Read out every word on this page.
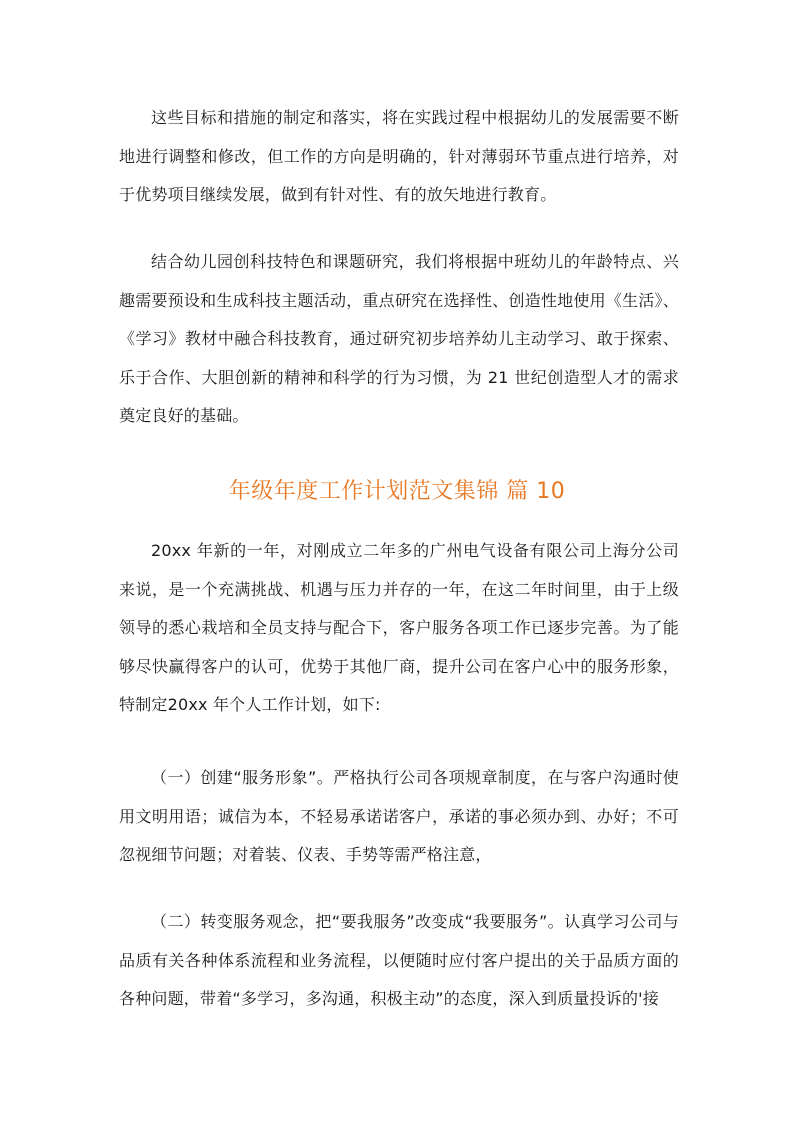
这些目标和措施的制定和落实，将在实践过程中根据幼儿的发展需要不断地进行调整和修改，但工作的方向是明确的，针对薄弱环节重点进行培养，对于优势项目继续发展，做到有针对性、有的放矢地进行教育。

结合幼儿园创科技特色和课题研究，我们将根据中班幼儿的年龄特点、兴趣需要预设和生成科技主题活动，重点研究在选择性、创造性地使用《生活》、《学习》教材中融合科技教育，通过研究初步培养幼儿主动学习、敢于探索、乐于合作、大胆创新的精神和科学的行为习惯，为 21 世纪创造型人才的需求奠定良好的基础。

年级年度工作计划范文集锦 篇 10

20xx 年新的一年，对刚成立二年多的广州电气设备有限公司上海分公司来说，是一个充满挑战、机遇与压力并存的一年，在这二年时间里，由于上级领导的悉心栽培和全员支持与配合下，客户服务各项工作已逐步完善。为了能够尽快赢得客户的认可，优势于其他厂商，提升公司在客户心中的服务形象，特制定20xx 年个人工作计划，如下:

（一）创建“服务形象”。严格执行公司各项规章制度，在与客户沟通时使用文明用语；诚信为本，不轻易承诺诺客户，承诺的事必须办到、办好；不可忽视细节问题；对着装、仪表、手势等需严格注意，

（二）转变服务观念，把“要我服务”改变成“我要服务”。认真学习公司与品质有关各种体系流程和业务流程，以便随时应付客户提出的关于品质方面的各种问题，带着“多学习，多沟通，积极主动”的态度，深入到质量投诉的'接
